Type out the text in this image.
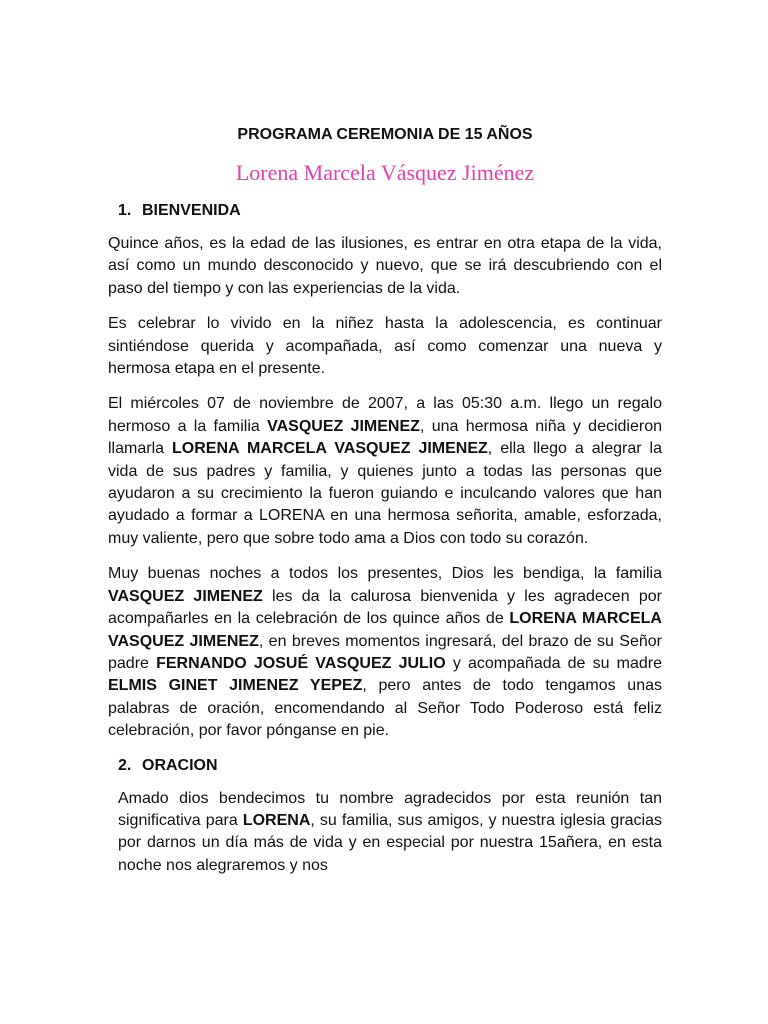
PROGRAMA CEREMONIA DE 15 AÑOS
Lorena Marcela Vásquez Jiménez
1. BIENVENIDA

Quince años, es la edad de las ilusiones, es entrar en otra etapa de la vida, así como un mundo desconocido y nuevo, que se irá descubriendo con el paso del tiempo y con las experiencias de la vida.

Es celebrar lo vivido en la niñez hasta la adolescencia, es continuar sintiéndose querida y acompañada, así como comenzar una nueva y hermosa etapa en el presente.

El miércoles 07 de noviembre de 2007, a las 05:30 a.m. llego un regalo hermoso a la familia VASQUEZ JIMENEZ, una hermosa niña y decidieron llamarla LORENA MARCELA VASQUEZ JIMENEZ, ella llego a alegrar la vida de sus padres y familia, y quienes junto a todas las personas que ayudaron a su crecimiento la fueron guiando e inculcando valores que han ayudado a formar a LORENA en una hermosa señorita, amable, esforzada, muy valiente, pero que sobre todo ama a Dios con todo su corazón.

Muy buenas noches a todos los presentes, Dios les bendiga, la familia VASQUEZ JIMENEZ les da la calurosa bienvenida y les agradecen por acompañarles en la celebración de los quince años de LORENA MARCELA VASQUEZ JIMENEZ, en breves momentos ingresará, del brazo de su Señor padre FERNANDO JOSUÉ VASQUEZ JULIO y acompañada de su madre ELMIS GINET JIMENEZ YEPEZ, pero antes de todo tengamos unas palabras de oración, encomendando al Señor Todo Poderoso está feliz celebración, por favor pónganse en pie.

2. ORACION

Amado dios bendecimos tu nombre agradecidos por esta reunión tan significativa para LORENA, su familia, sus amigos, y nuestra iglesia gracias por darnos un día más de vida y en especial por nuestra 15añera, en esta noche nos alegraremos y nos
